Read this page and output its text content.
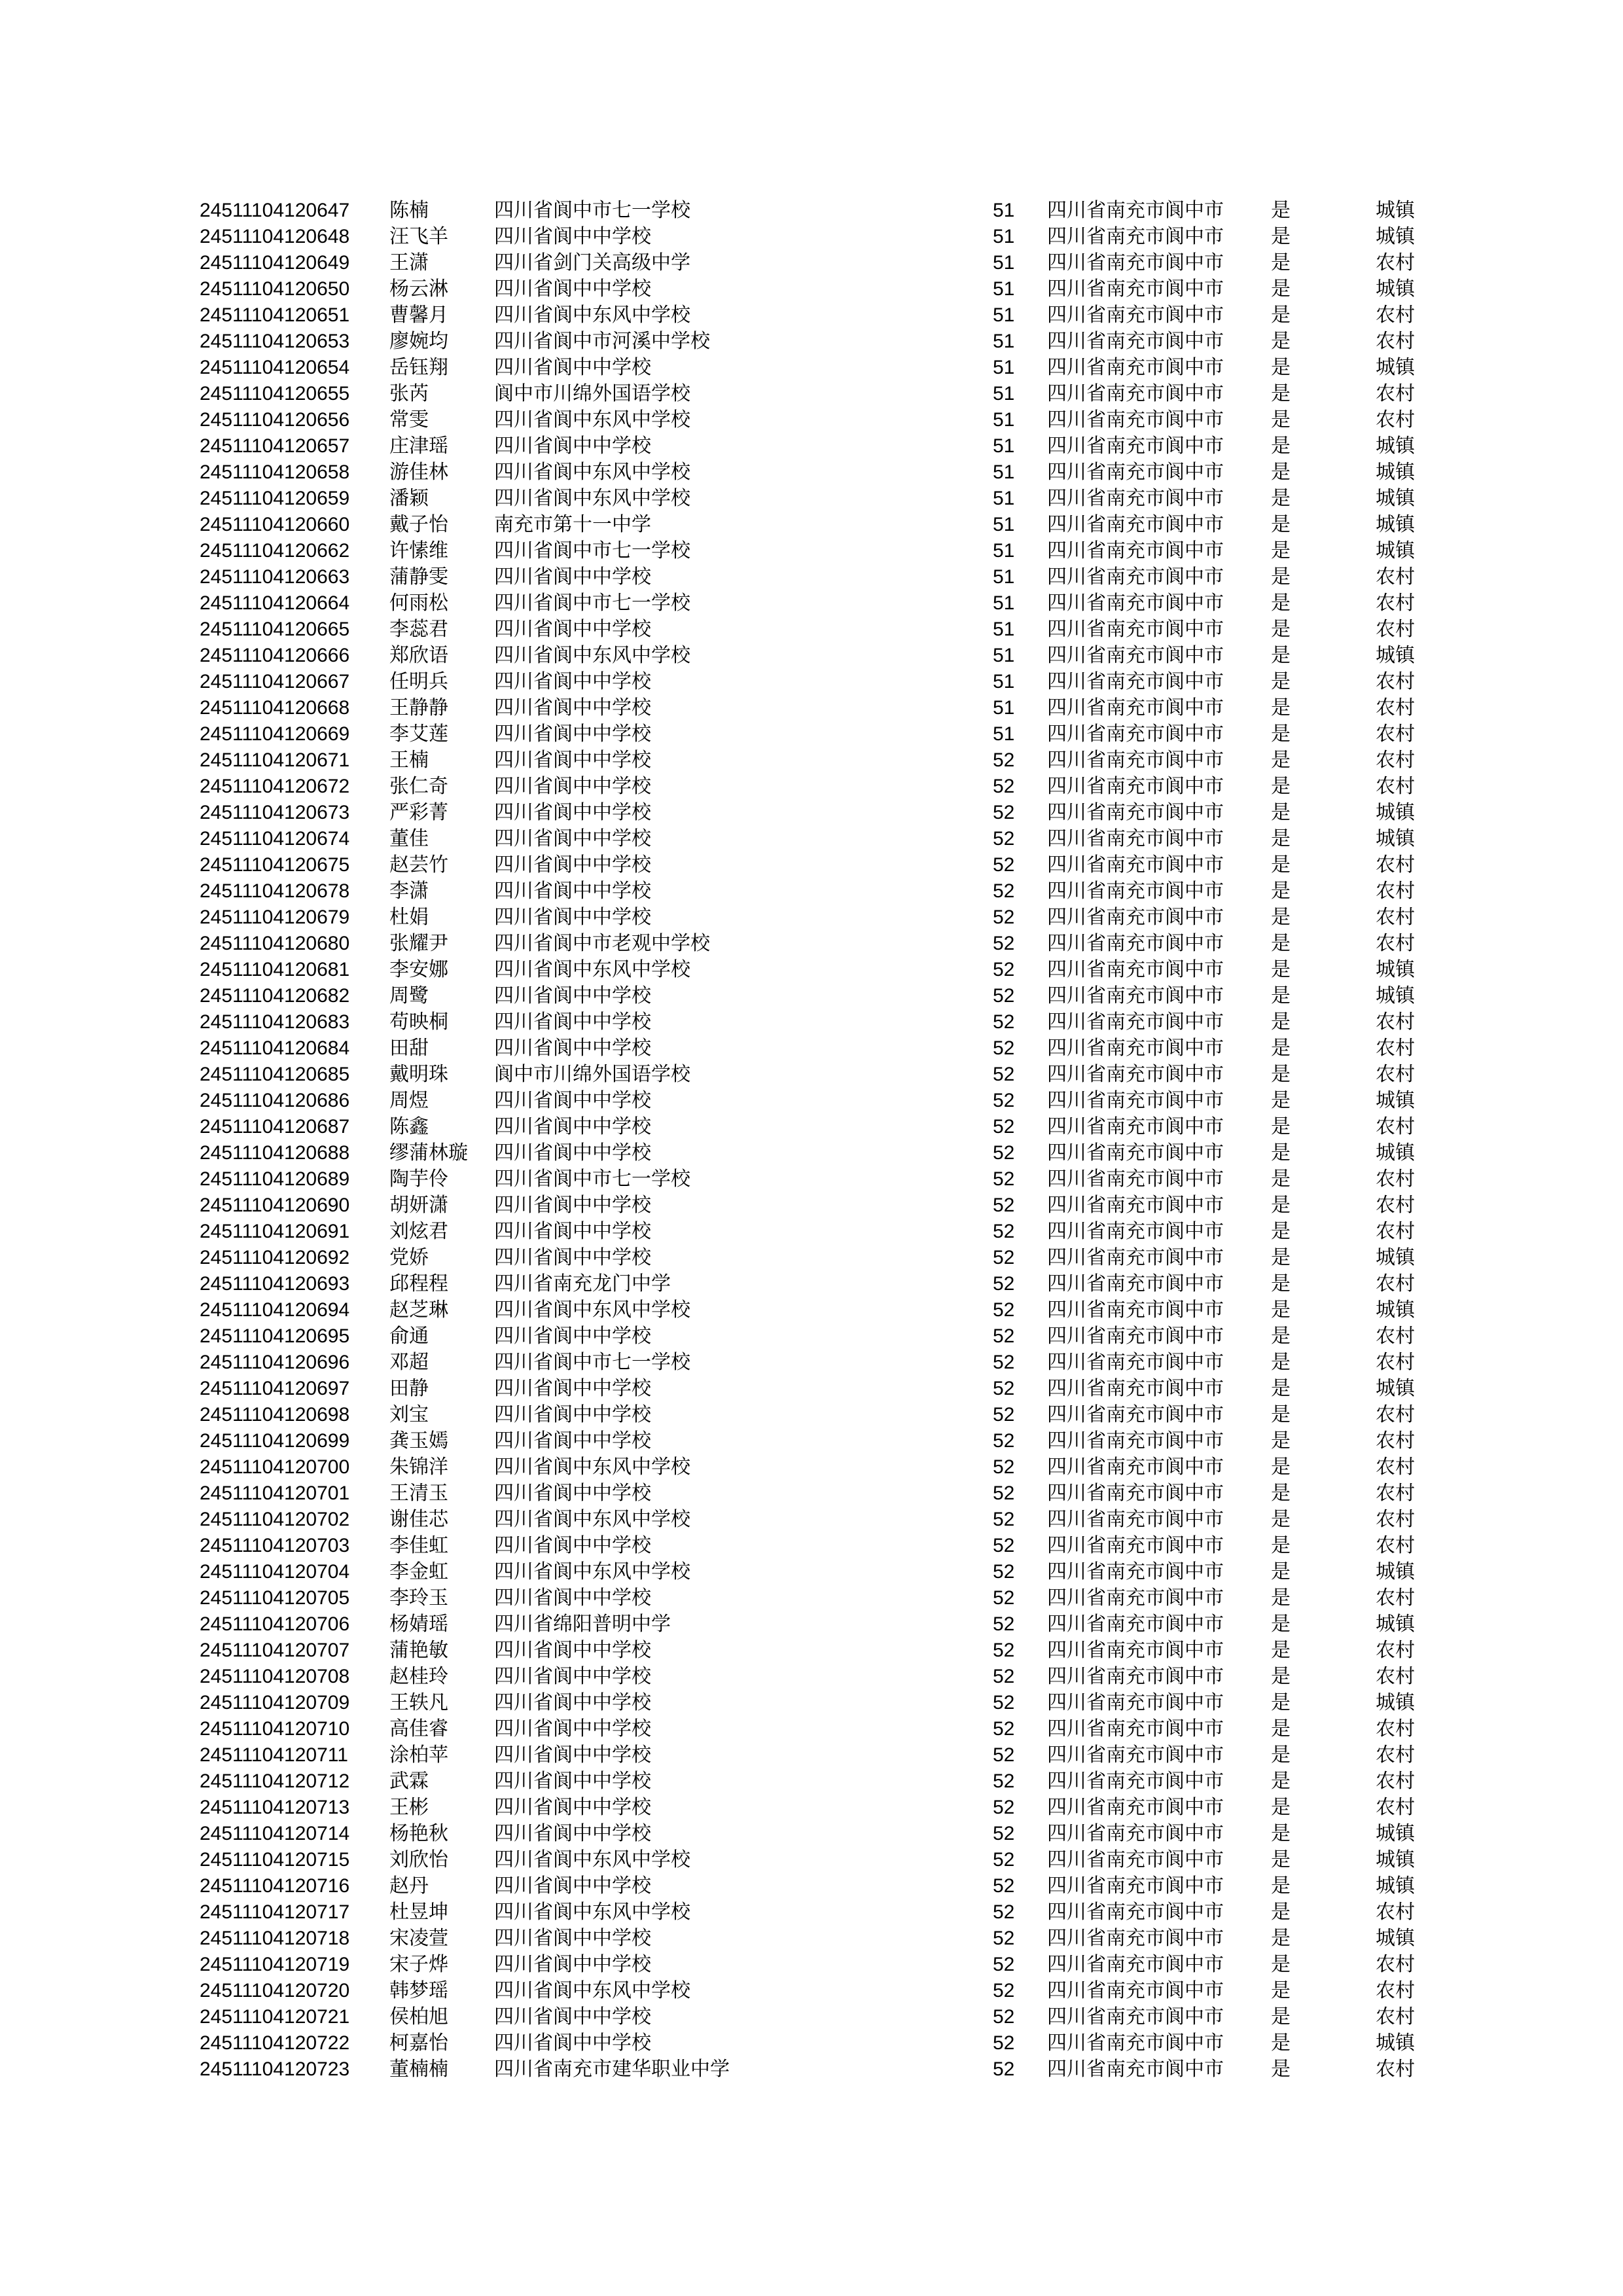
24511104120647 陈楠	四川省阆中市七一学校	51 四川省南充市阆中市 是	城镇
24511104120648 汪飞羊 四川省阆中中学校	51 四川省南充市阆中市 是	城镇
24511104120649 王潇	四川省剑门关高级中学	51 四川省南充市阆中市 是	农村
24511104120650 杨云淋 四川省阆中中学校	51 四川省南充市阆中市 是	城镇
24511104120651 曹馨月 四川省阆中东风中学校	51 四川省南充市阆中市 是	农村
24511104120653 廖婉均 四川省阆中市河溪中学校	51 四川省南充市阆中市 是	农村
24511104120654 岳钰翔 四川省阆中中学校	51 四川省南充市阆中市 是	城镇
24511104120655 张芮	阆中市川绵外国语学校	51 四川省南充市阆中市 是	农村
24511104120656 常雯	四川省阆中东风中学校	51 四川省南充市阆中市 是	农村
24511104120657 庄津瑶 四川省阆中中学校	51 四川省南充市阆中市 是	城镇
24511104120658 游佳林 四川省阆中东风中学校	51 四川省南充市阆中市 是	城镇
24511104120659 潘颖	四川省阆中东风中学校	51 四川省南充市阆中市 是	城镇
24511104120660 戴子怡 南充市第十一中学	51 四川省南充市阆中市 是	城镇
24511104120662 许愫维 四川省阆中市七一学校	51 四川省南充市阆中市 是	城镇
24511104120663 蒲静雯 四川省阆中中学校	51 四川省南充市阆中市 是	农村
24511104120664 何雨松 四川省阆中市七一学校	51 四川省南充市阆中市 是	农村
24511104120665 李蕊君 四川省阆中中学校	51 四川省南充市阆中市 是	农村
24511104120666 郑欣语 四川省阆中东风中学校	51 四川省南充市阆中市 是	城镇
24511104120667 任明兵 四川省阆中中学校	51 四川省南充市阆中市 是	农村
24511104120668 王静静 四川省阆中中学校	51 四川省南充市阆中市 是	农村
24511104120669 李艾莲 四川省阆中中学校	51 四川省南充市阆中市 是	农村
24511104120671 王楠	四川省阆中中学校	52 四川省南充市阆中市 是	农村
24511104120672 张仁奇 四川省阆中中学校	52 四川省南充市阆中市 是	农村
24511104120673 严彩菁 四川省阆中中学校	52 四川省南充市阆中市 是	城镇
24511104120674 董佳	四川省阆中中学校	52 四川省南充市阆中市 是	城镇
24511104120675 赵芸竹 四川省阆中中学校	52 四川省南充市阆中市 是	农村
24511104120678 李潇	四川省阆中中学校	52 四川省南充市阆中市 是	农村
24511104120679 杜娟	四川省阆中中学校	52 四川省南充市阆中市 是	农村
24511104120680 张耀尹 四川省阆中市老观中学校	52 四川省南充市阆中市 是	农村
24511104120681 李安娜 四川省阆中东风中学校	52 四川省南充市阆中市 是	城镇
24511104120682 周鹭	四川省阆中中学校	52 四川省南充市阆中市 是	城镇
24511104120683 苟映桐 四川省阆中中学校	52 四川省南充市阆中市 是	农村
24511104120684 田甜	四川省阆中中学校	52 四川省南充市阆中市 是	农村
24511104120685 戴明珠 阆中市川绵外国语学校	52 四川省南充市阆中市 是	农村
24511104120686 周煜	四川省阆中中学校	52 四川省南充市阆中市 是	城镇
24511104120687 陈鑫	四川省阆中中学校	52 四川省南充市阆中市 是	农村
24511104120688 缪蒲林璇 四川省阆中中学校	52 四川省南充市阆中市 是	城镇
24511104120689 陶芋伶 四川省阆中市七一学校	52 四川省南充市阆中市 是	农村
24511104120690 胡妍潇 四川省阆中中学校	52 四川省南充市阆中市 是	农村
24511104120691 刘炫君 四川省阆中中学校	52 四川省南充市阆中市 是	农村
24511104120692 党娇	四川省阆中中学校	52 四川省南充市阆中市 是	城镇
24511104120693 邱程程 四川省南充龙门中学	52 四川省南充市阆中市 是	农村
24511104120694 赵芝琳 四川省阆中东风中学校	52 四川省南充市阆中市 是	城镇
24511104120695 俞通	四川省阆中中学校	52 四川省南充市阆中市 是	农村
24511104120696 邓超	四川省阆中市七一学校	52 四川省南充市阆中市 是	农村
24511104120697 田静	四川省阆中中学校	52 四川省南充市阆中市 是	城镇
24511104120698 刘宝	四川省阆中中学校	52 四川省南充市阆中市 是	农村
24511104120699 龚玉嫣 四川省阆中中学校	52 四川省南充市阆中市 是	农村
24511104120700 朱锦洋 四川省阆中东风中学校	52 四川省南充市阆中市 是	农村
24511104120701 王清玉 四川省阆中中学校	52 四川省南充市阆中市 是	农村
24511104120702 谢佳芯 四川省阆中东风中学校	52 四川省南充市阆中市 是	农村
24511104120703 李佳虹 四川省阆中中学校	52 四川省南充市阆中市 是	农村
24511104120704 李金虹 四川省阆中东风中学校	52 四川省南充市阆中市 是	城镇
24511104120705 李玲玉 四川省阆中中学校	52 四川省南充市阆中市 是	农村
24511104120706 杨婧瑶 四川省绵阳普明中学	52 四川省南充市阆中市 是	城镇
24511104120707 蒲艳敏 四川省阆中中学校	52 四川省南充市阆中市 是	农村
24511104120708 赵桂玲 四川省阆中中学校	52 四川省南充市阆中市 是	农村
24511104120709 王轶凡 四川省阆中中学校	52 四川省南充市阆中市 是	城镇
24511104120710 高佳睿 四川省阆中中学校	52 四川省南充市阆中市 是	农村
24511104120711 涂柏苹 四川省阆中中学校	52 四川省南充市阆中市 是	农村
24511104120712 武霖	四川省阆中中学校	52 四川省南充市阆中市 是	农村
24511104120713 王彬	四川省阆中中学校	52 四川省南充市阆中市 是	农村
24511104120714 杨艳秋 四川省阆中中学校	52 四川省南充市阆中市 是	城镇
24511104120715 刘欣怡 四川省阆中东风中学校	52 四川省南充市阆中市 是	城镇
24511104120716 赵丹	四川省阆中中学校	52 四川省南充市阆中市 是	城镇
24511104120717 杜昱坤 四川省阆中东风中学校	52 四川省南充市阆中市 是	农村
24511104120718 宋凌萱 四川省阆中中学校	52 四川省南充市阆中市 是	城镇
24511104120719 宋子烨 四川省阆中中学校	52 四川省南充市阆中市 是	农村
24511104120720 韩梦瑶 四川省阆中东风中学校	52 四川省南充市阆中市 是	农村
24511104120721 侯柏旭 四川省阆中中学校	52 四川省南充市阆中市 是	农村
24511104120722 柯嘉怡 四川省阆中中学校	52 四川省南充市阆中市 是	城镇
24511104120723 董楠楠 四川省南充市建华职业中学	52 四川省南充市阆中市 是	农村
